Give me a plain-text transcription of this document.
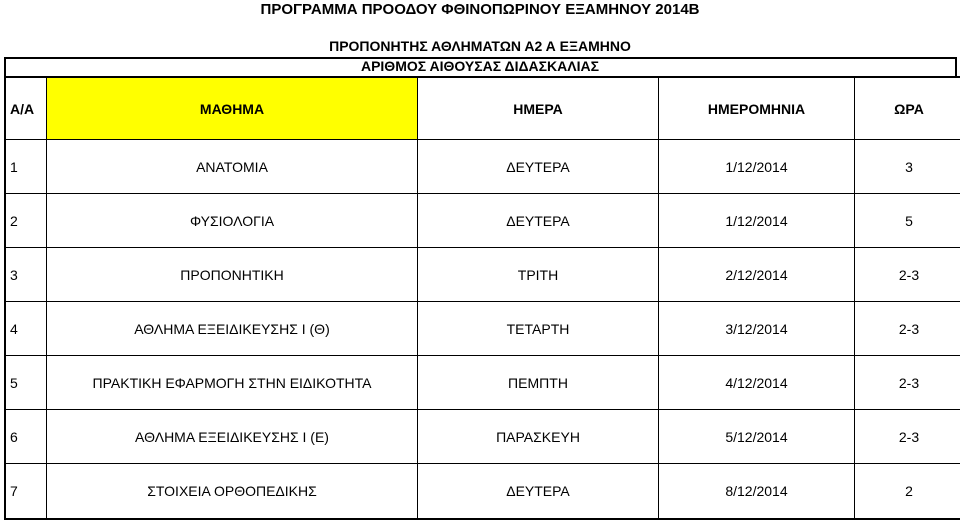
ΠΡΟΓΡΑΜΜΑ ΠΡΟΟΔΟΥ ΦΘΙΝΟΠΩΡΙΝΟΥ ΕΞΑΜΗΝΟΥ 2014Β
ΠΡΟΠΟΝΗΤΗΣ ΑΘΛΗΜΑΤΩΝ Α2 Α ΕΞΑΜΗΝΟ
ΑΡΙΘΜΟΣ ΑΙΘΟΥΣΑΣ ΔΙΔΑΣΚΑΛΙΑΣ
Α/Α	ΜΑΘΗΜΑ	ΗΜΕΡΑ	ΗΜΕΡΟΜΗΝΙΑ	ΩΡΑ
1	ΑΝΑΤΟΜΙΑ	ΔΕΥΤΕΡΑ	1/12/2014	3
2	ΦΥΣΙΟΛΟΓΙΑ	ΔΕΥΤΕΡΑ	1/12/2014	5
3	ΠΡΟΠΟΝΗΤΙΚΗ	ΤΡΙΤΗ	2/12/2014	2-3
4	ΑΘΛΗΜΑ ΕΞΕΙΔΙΚΕΥΣΗΣ Ι (Θ)	ΤΕΤΑΡΤΗ	3/12/2014	2-3
5	ΠΡΑΚΤΙΚΗ ΕΦΑΡΜΟΓΗ ΣΤΗΝ ΕΙΔΙΚΟΤΗΤΑ	ΠΕΜΠΤΗ	4/12/2014	2-3
6	ΑΘΛΗΜΑ ΕΞΕΙΔΙΚΕΥΣΗΣ Ι (Ε)	ΠΑΡΑΣΚΕΥΗ	5/12/2014	2-3
7	ΣΤΟΙΧΕΙΑ ΟΡΘΟΠΕΔΙΚΗΣ	ΔΕΥΤΕΡΑ	8/12/2014	2
